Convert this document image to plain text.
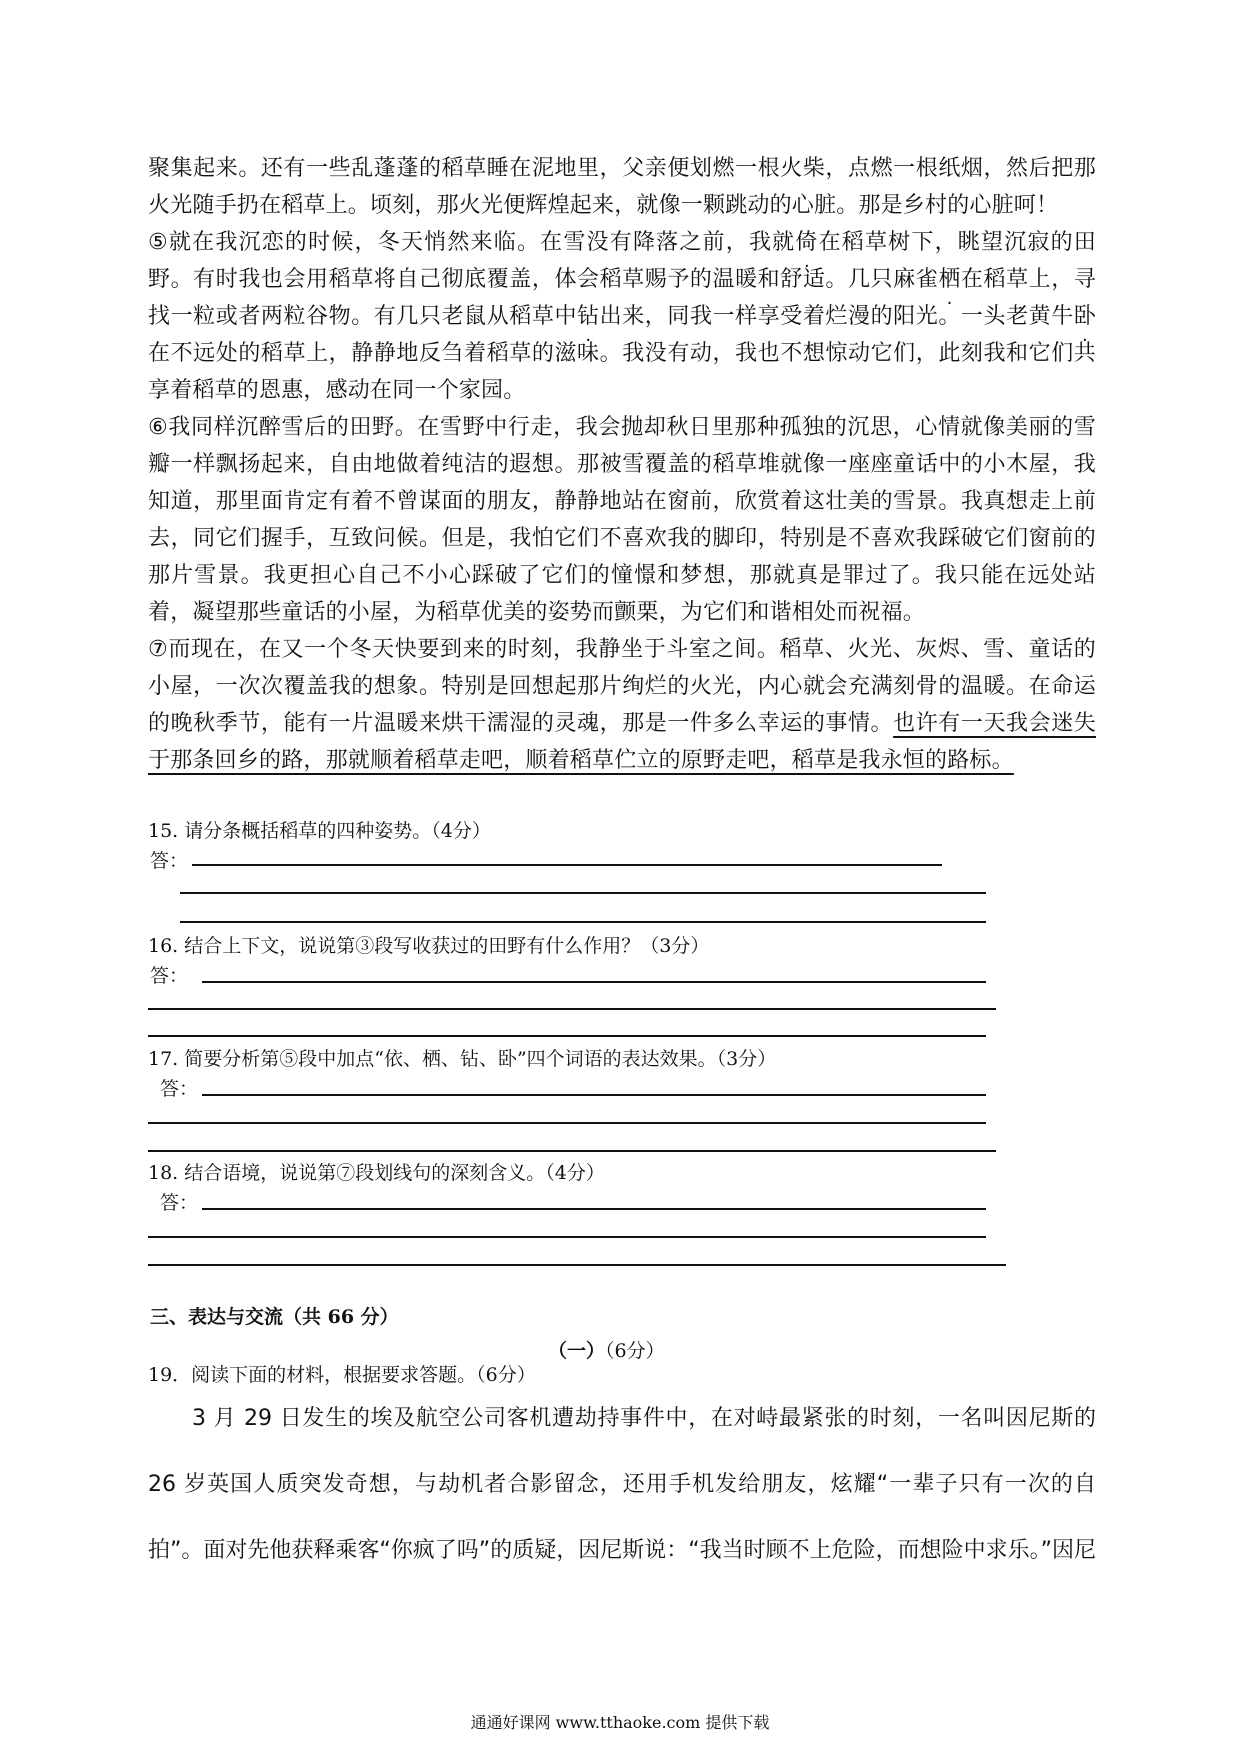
聚集起来。还有一些乱蓬蓬的稻草睡在泥地里，父亲便划燃一根火柴，点燃一根纸烟，然后把那火光随手扔在稻草上。顷刻，那火光便辉煌起来，就像一颗跳动的心脏。那是乡村的心脏呵！

⑤就在我沉恋的时候，冬天悄然来临。在雪没有降落之前，我就倚在稻草树下，眺望沉寂的田野。有时我也会用稻草将自己彻底覆盖，体会稻草赐予的温暖和舒适。几只麻雀栖在稻草上，寻找一粒或者两粒谷物。有几只老鼠从稻草中钻出来，同我一样享受着烂漫的阳光。一头老黄牛卧在不远处的稻草上，静静地反刍着稻草的滋味。我没有动，我也不想惊动它们，此刻我和它们共享着稻草的恩惠，感动在同一个家园。

⑥我同样沉醉雪后的田野。在雪野中行走，我会抛却秋日里那种孤独的沉思，心情就像美丽的雪瓣一样飘扬起来，自由地做着纯洁的遐想。那被雪覆盖的稻草堆就像一座座童话中的小木屋，我知道，那里面肯定有着不曾谋面的朋友，静静地站在窗前，欣赏着这壮美的雪景。我真想走上前去，同它们握手，互致问候。但是，我怕它们不喜欢我的脚印，特别是不喜欢我踩破它们窗前的那片雪景。我更担心自己不小心踩破了它们的憧憬和梦想，那就真是罪过了。我只能在远处站着，凝望那些童话的小屋，为稻草优美的姿势而颤栗，为它们和谐相处而祝福。

⑦而现在，在又一个冬天快要到来的时刻，我静坐于斗室之间。稻草、火光、灰烬、雪、童话的小屋，一次次覆盖我的想象。特别是回想起那片绚烂的火光，内心就会充满刻骨的温暖。在命运的晚秋季节，能有一片温暖来烘干濡湿的灵魂，那是一件多么幸运的事情。也许有一天我会迷失于那条回乡的路，那就顺着稻草走吧，顺着稻草伫立的原野走吧，稻草是我永恒的路标。

15. 请分条概括稻草的四种姿势。（4分）
答：
16. 结合上下文，说说第③段写收获过的田野有什么作用？（3分）
答：
17. 简要分析第⑤段中加点“依、栖、钻、卧”四个词语的表达效果。（3分）
答：
18. 结合语境，说说第⑦段划线句的深刻含义。（4分）
答：
三、表达与交流（共 66 分）
（一）（6分）
19．阅读下面的材料，根据要求答题。（6分）

3 月 29 日发生的埃及航空公司客机遭劫持事件中，在对峙最紧张的时刻，一名叫因尼斯的 26 岁英国人质突发奇想，与劫机者合影留念，还用手机发给朋友，炫耀“一辈子只有一次的自拍”。面对先他获释乘客“你疯了吗”的质疑，因尼斯说：“我当时顾不上危险，而想险中求乐。”因尼

通通好课网 www.tthaoke.com 提供下载
